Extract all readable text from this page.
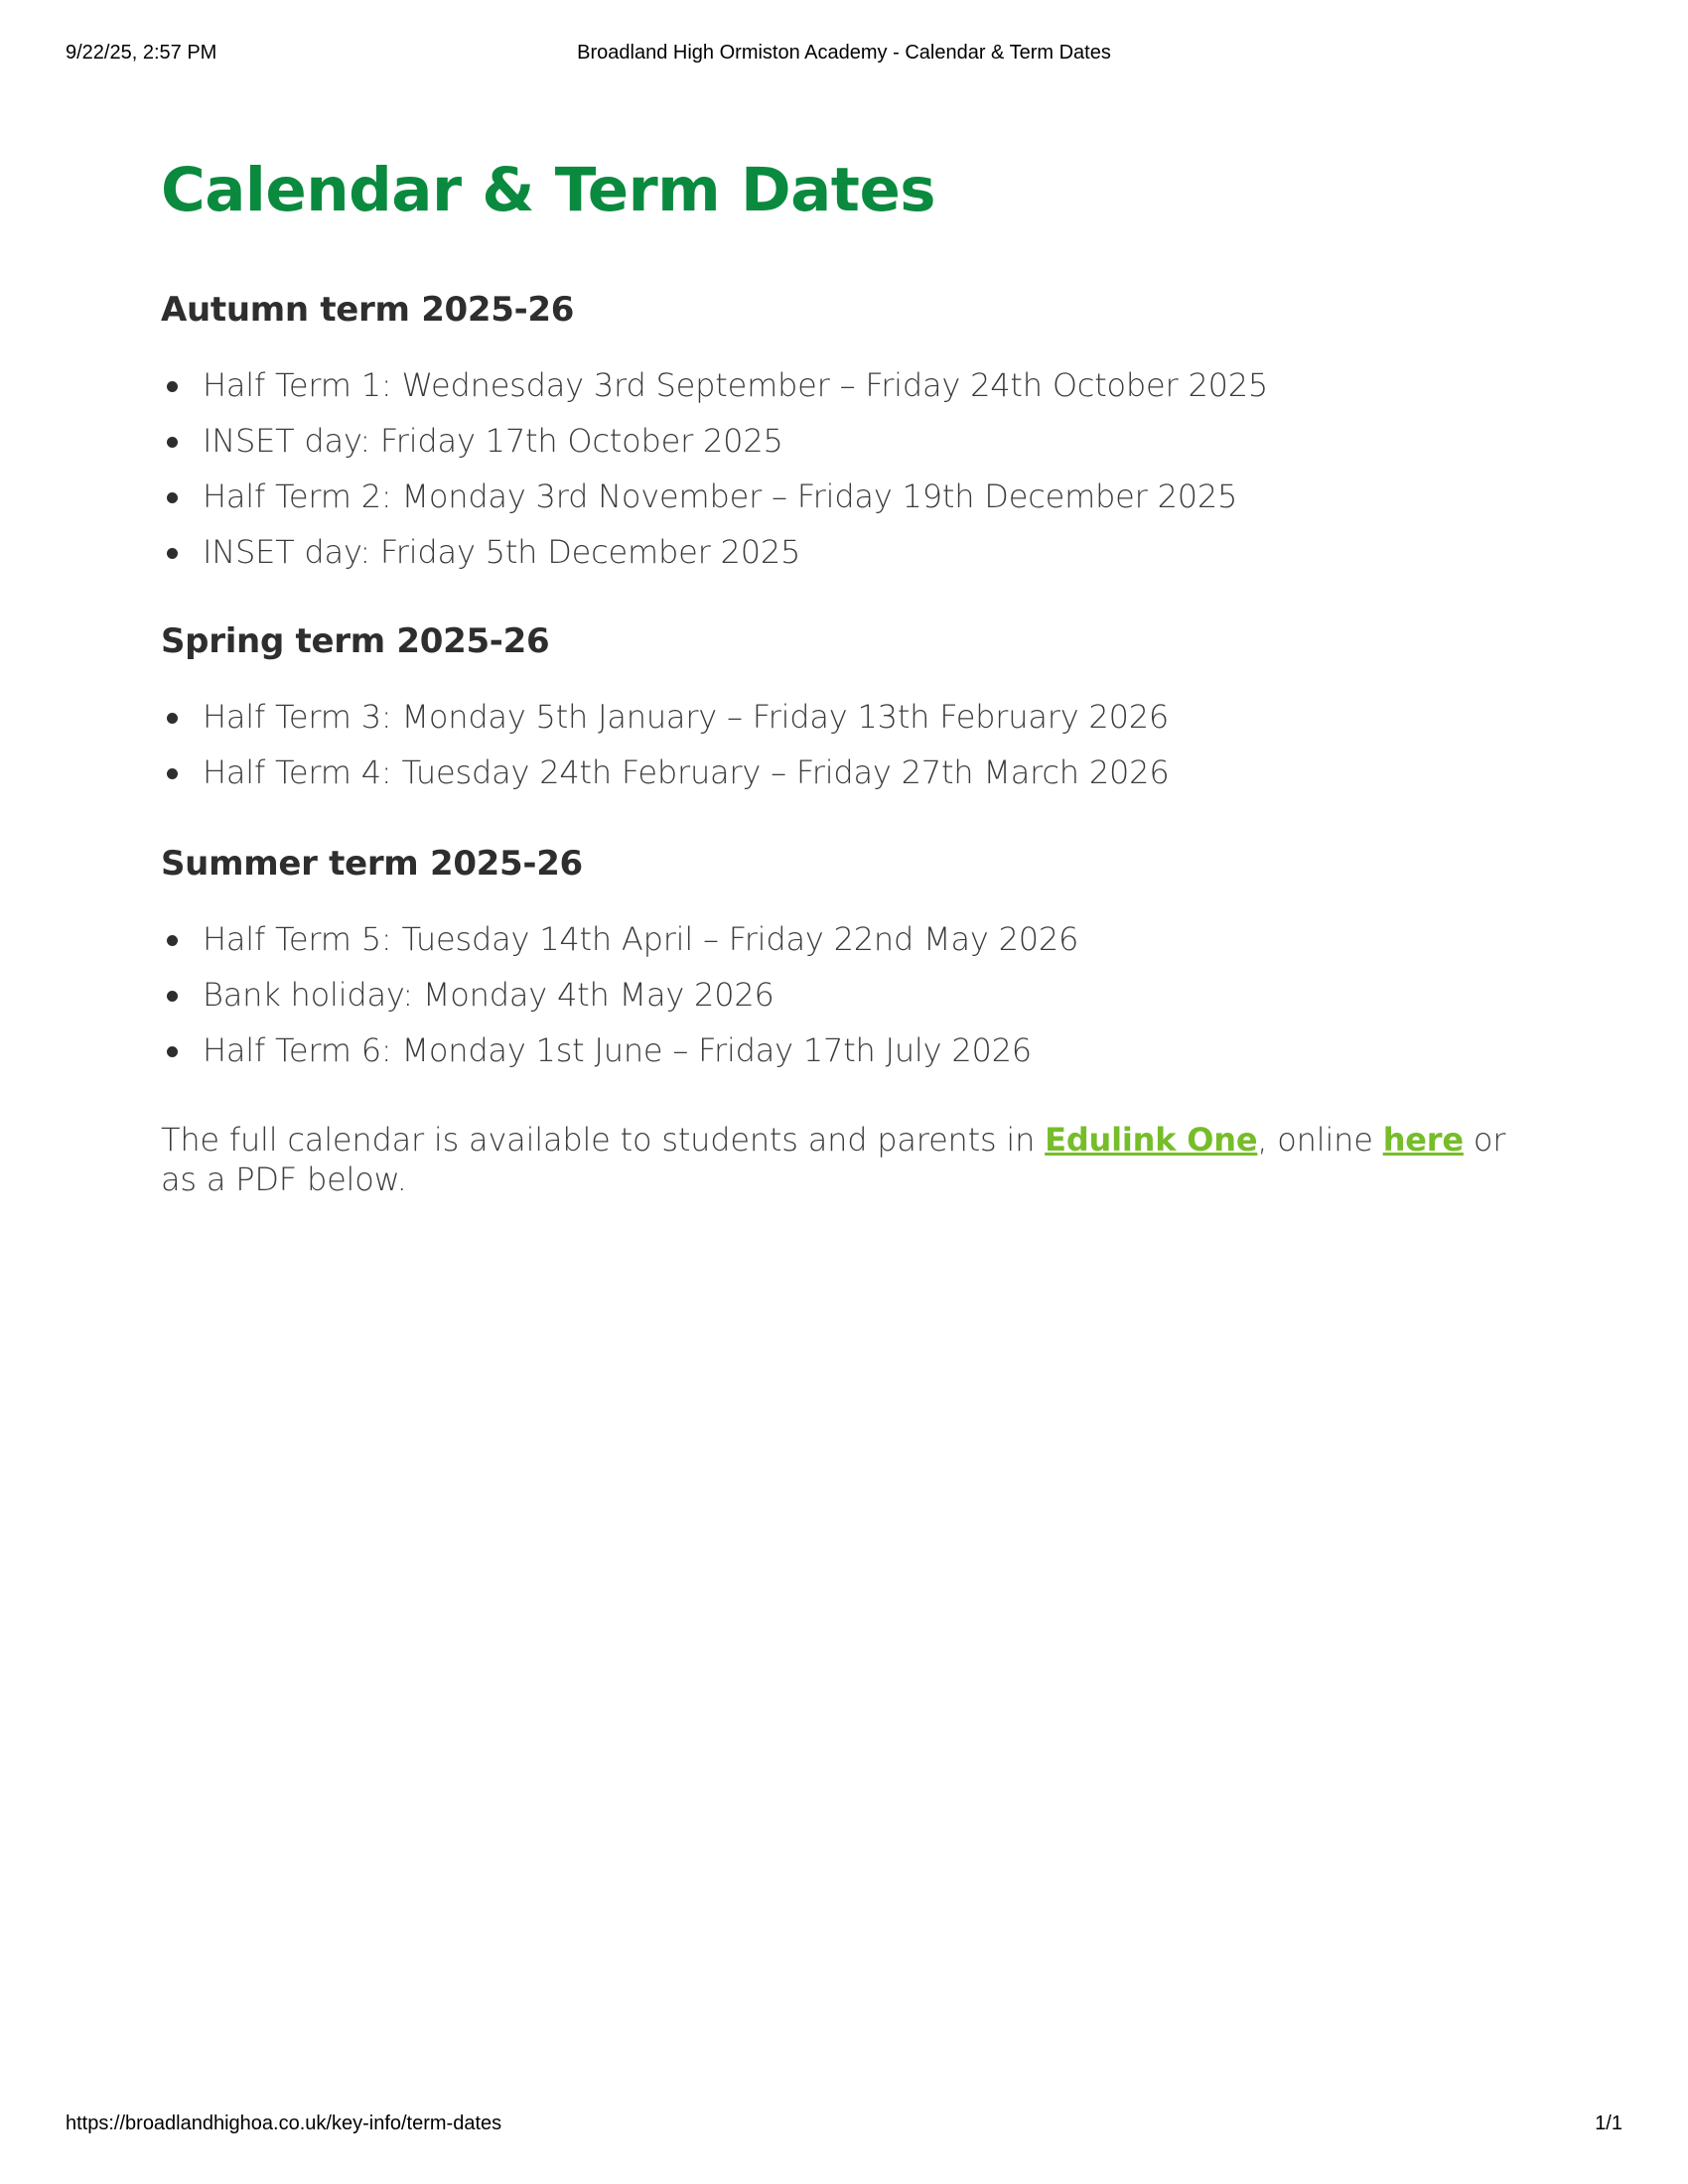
9/22/25, 2:57 PM	Broadland High Ormiston Academy - Calendar & Term Dates
Calendar & Term Dates
Autumn term 2025-26
Half Term 1: Wednesday 3rd September – Friday 24th October 2025
INSET day: Friday 17th October 2025
Half Term 2: Monday 3rd November – Friday 19th December 2025
INSET day: Friday 5th December 2025
Spring term 2025-26
Half Term 3: Monday 5th January – Friday 13th February 2026
Half Term 4: Tuesday 24th February – Friday 27th March 2026
Summer term 2025-26
Half Term 5: Tuesday 14th April – Friday 22nd May 2026
Bank holiday: Monday 4th May 2026
Half Term 6: Monday 1st June – Friday 17th July 2026

The full calendar is available to students and parents in Edulink One, online here or as a PDF below.

https://broadlandhighoa.co.uk/key-info/term-dates	1/1
